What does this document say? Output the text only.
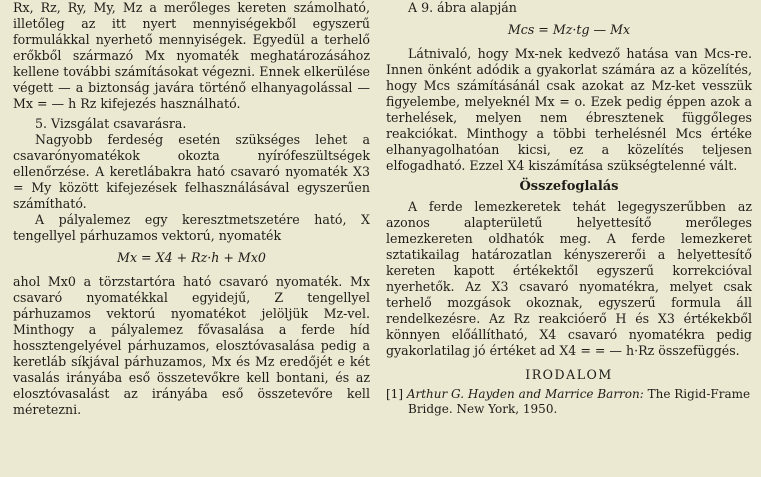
Rx, Rz, Ry, My, Mz a merőleges kereten számolható, illetőleg az itt nyert mennyiségekből egyszerű formulákkal nyerhető mennyiségek. Egyedül a terhelő erőkből származó Mx nyomaték meghatározásához kellene további számításokat végezni. Ennek elkerülése végett — a biztonság javára történő elhanyagolással — Mx = — h Rz kifejezés használható.

5. Vizsgálat csavarásra.

Nagyobb ferdeség esetén szükséges lehet a csavarónyomatékok okozta nyírófeszültségek ellenőrzése. A keretlábakra ható csavaró nyomaték X3 = My között kifejezések felhasználásával egyszerűen számítható.

A pályalemez egy keresztmetszetére ható, X tengellyel párhuzamos vektorú, nyomaték

Mx = X4 + Rz·h + Mx0

ahol Mx0 a törzstartóra ható csavaró nyomaték. Mx csavaró nyomatékkal egyidejű, Z tengellyel párhuzamos vektorú nyomatékot jelöljük Mz-vel. Minthogy a pályalemez fővasalása a ferde híd hossztengelyével párhuzamos, elosztóvasalása pedig a keretláb síkjával párhuzamos, Mx és Mz eredőjét e két vasalás irányába eső összetevőkre kell bontani, és az elosztóvasalást az irányába eső összetevőre kell méretezni.

A 9. ábra alapján

Mcs = Mz·tg — Mx

Látnivaló, hogy Mx-nek kedvező hatása van Mcs-re. Innen önként adódik a gyakorlat számára az a közelítés, hogy Mcs számításánál csak azokat az Mz-ket vesszük figyelembe, melyeknél Mx = o. Ezek pedig éppen azok a terhelések, melyen nem ébresztenek függőleges reakciókat. Minthogy a többi terhelésnél Mcs értéke elhanyagolhatóan kicsi, ez a közelítés teljesen elfogadható. Ezzel X4 kiszámítása szükségtelenné vált.

Összefoglalás

A ferde lemezkeretek tehát legegyszerűbben az azonos alapterületű helyettesítő merőleges lemezkereten oldhatók meg. A ferde lemezkeret sztatikailag határozatlan kényszererői a helyettesítő kereten kapott értékektől egyszerű korrekcióval nyerhetők. Az X3 csavaró nyomatékra, melyet csak terhelő mozgások okoznak, egyszerű formula áll rendelkezésre. Az Rz reakcióerő H és X3 értékekből könnyen előállítható, X4 csavaró nyomatékra pedig gyakorlatilag jó értéket ad X4 = = — h·Rz összefüggés.

IRODALOM

[1] Arthur G. Hayden and Marrice Barron: The Rigid-Frame Bridge. New York, 1950.
